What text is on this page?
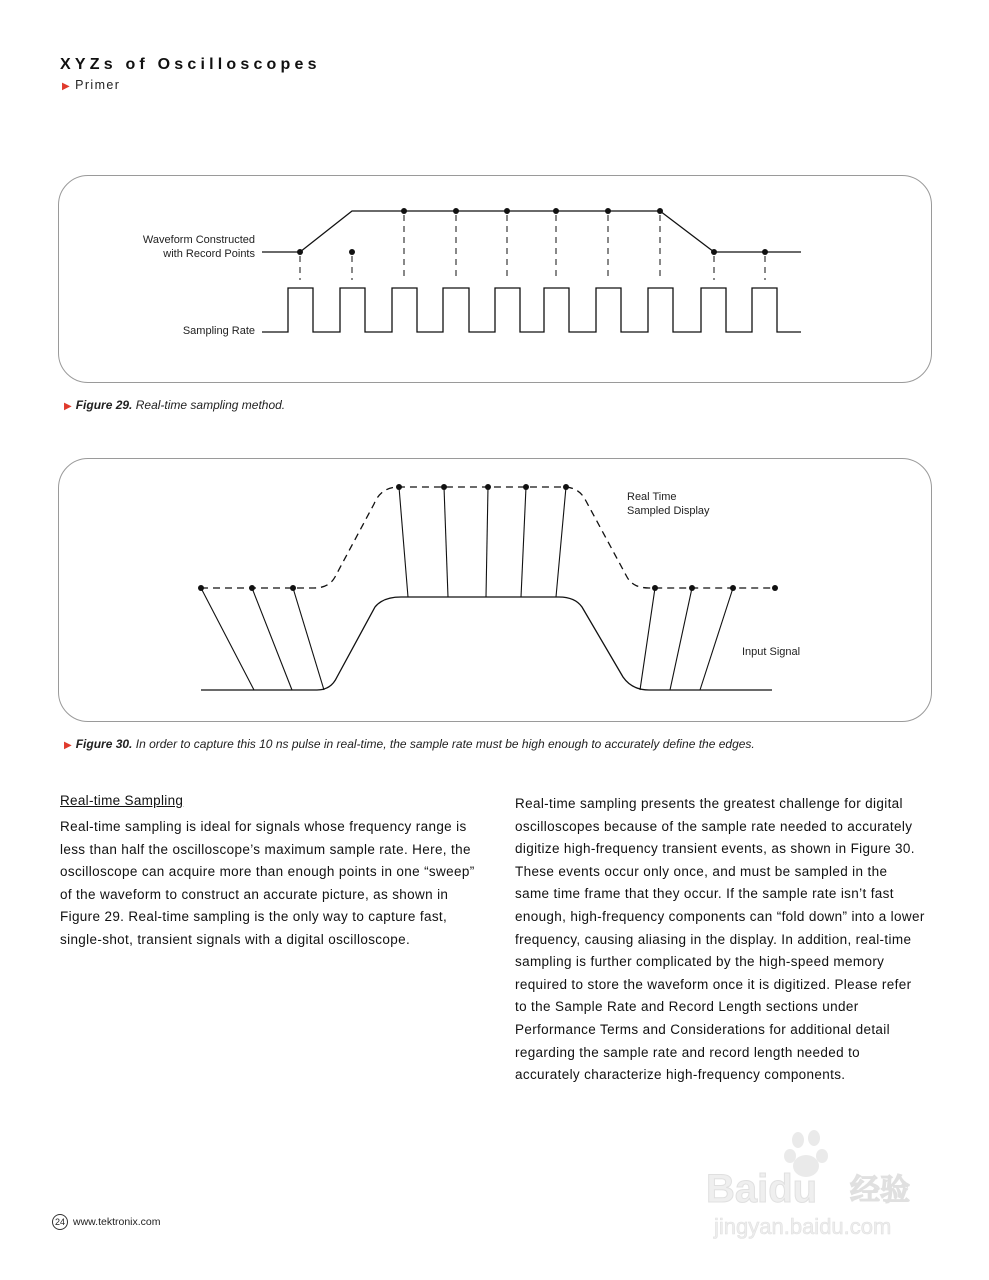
XYZs of Oscilloscopes
▶ Primer
Waveform Constructed
with Record Points
Sampling Rate
▶ Figure 29. Real-time sampling method.
Real Time
Sampled Display
Input Signal
▶ Figure 30. In order to capture this 10 ns pulse in real-time, the sample rate must be high enough to accurately define the edges.
Real-time Sampling

Real-time sampling is ideal for signals whose frequency range is less than half the oscilloscope’s maximum sample rate. Here, the oscilloscope can acquire more than enough points in one “sweep” of the waveform to construct an accurate picture, as shown in Figure 29. Real-time sampling is the only way to capture fast, single-shot, transient signals with a digital oscilloscope.

Real-time sampling presents the greatest challenge for digital oscilloscopes because of the sample rate needed to accurately digitize high-frequency transient events, as shown in Figure 30. These events occur only once, and must be sampled in the same time frame that they occur. If the sample rate isn’t fast enough, high-frequency components can “fold down” into a lower frequency, causing aliasing in the display. In addition, real-time sampling is further complicated by the high-speed memory required to store the waveform once it is digitized. Please refer to the Sample Rate and Record Length sections under Performance Terms and Considerations for additional detail regarding the sample rate and record length needed to accurately characterize high-frequency components.

24 www.tektronix.com
Baidu 经验
jingyan.baidu.com
